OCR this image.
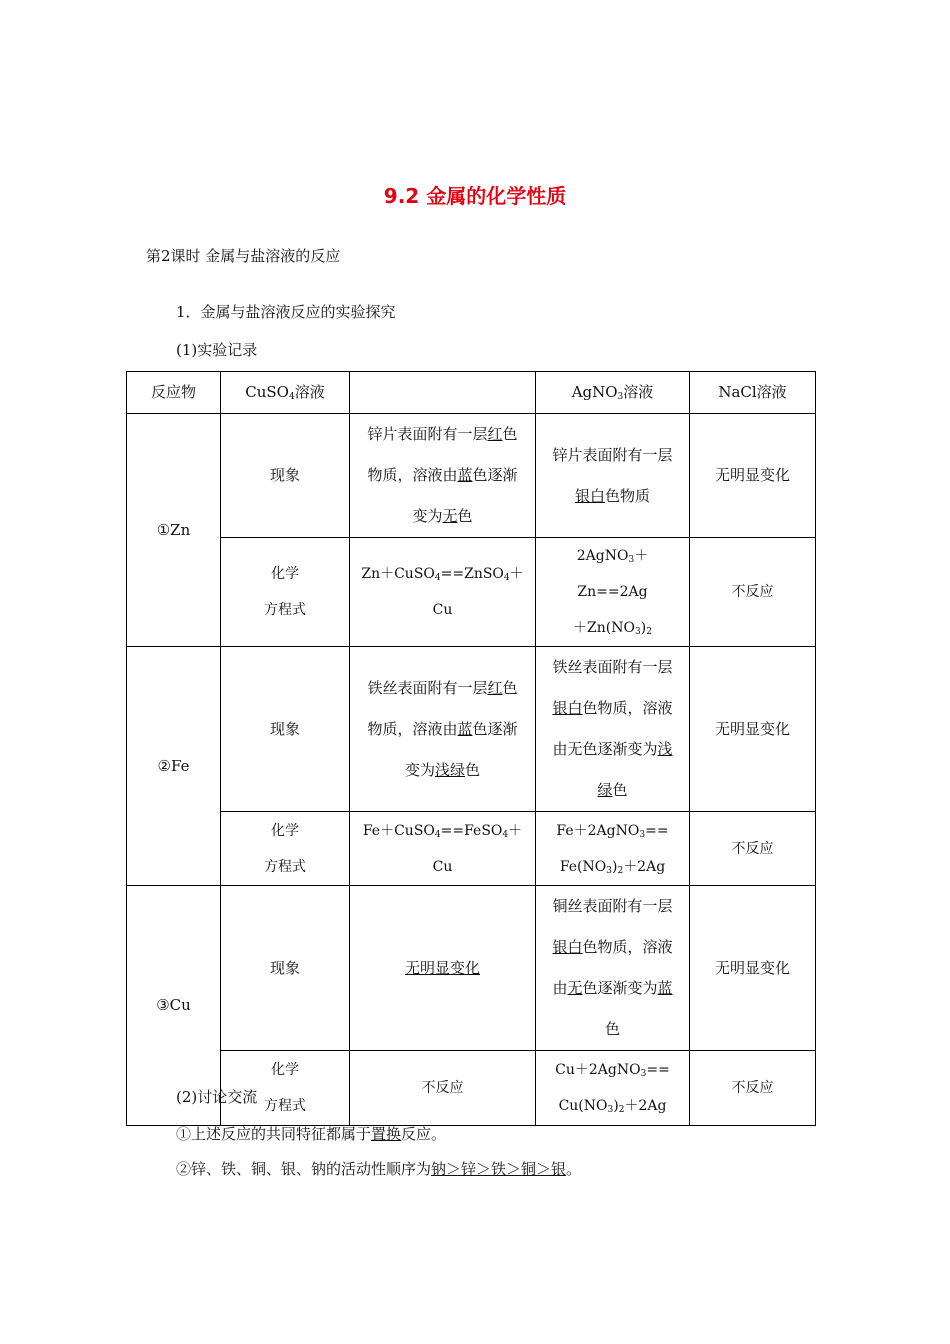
9.2 金属的化学性质
第2课时 金属与盐溶液的反应
1．金属与盐溶液反应的实验探究
(1)实验记录
反应物	CuSO$_4$溶液		AgNO$_3$溶液	NaCl溶液
①Zn	现象	锌片表面附有一层红色
物质，溶液由蓝色逐渐
变为无色	锌片表面附有一层
银白色物质	无明显变化
	化学
方程式	Zn＋CuSO$_4$==ZnSO$_4$＋Cu	2AgNO$_3$＋Zn==2Ag
$+Zn(NO_3)_2$	不反应
②Fe	现象	铁丝表面附有一层红色
物质，溶液由蓝色逐渐
变为浅绿色	铁丝表面附有一层
银白色物质，溶液
由无色逐渐变为浅
绿色	无明显变化
	化学
方程式	Fe＋CuSO$_4$==FeSO$_4$＋Cu	Fe＋2AgNO$_3$==
$Fe(NO_3)_2+2Ag$	不反应
③Cu	现象	无明显变化	铜丝表面附有一层
银白色物质，溶液
由无色逐渐变为蓝
色	无明显变化
	化学
方程式	不反应	Cu＋2AgNO$_3$==
$Cu(NO_3)_2+2Ag$	不反应
(2)讨论交流
①上述反应的共同特征都属于置换反应。
②锌、铁、铜、银、钠的活动性顺序为钠＞锌＞铁＞铜＞银。
